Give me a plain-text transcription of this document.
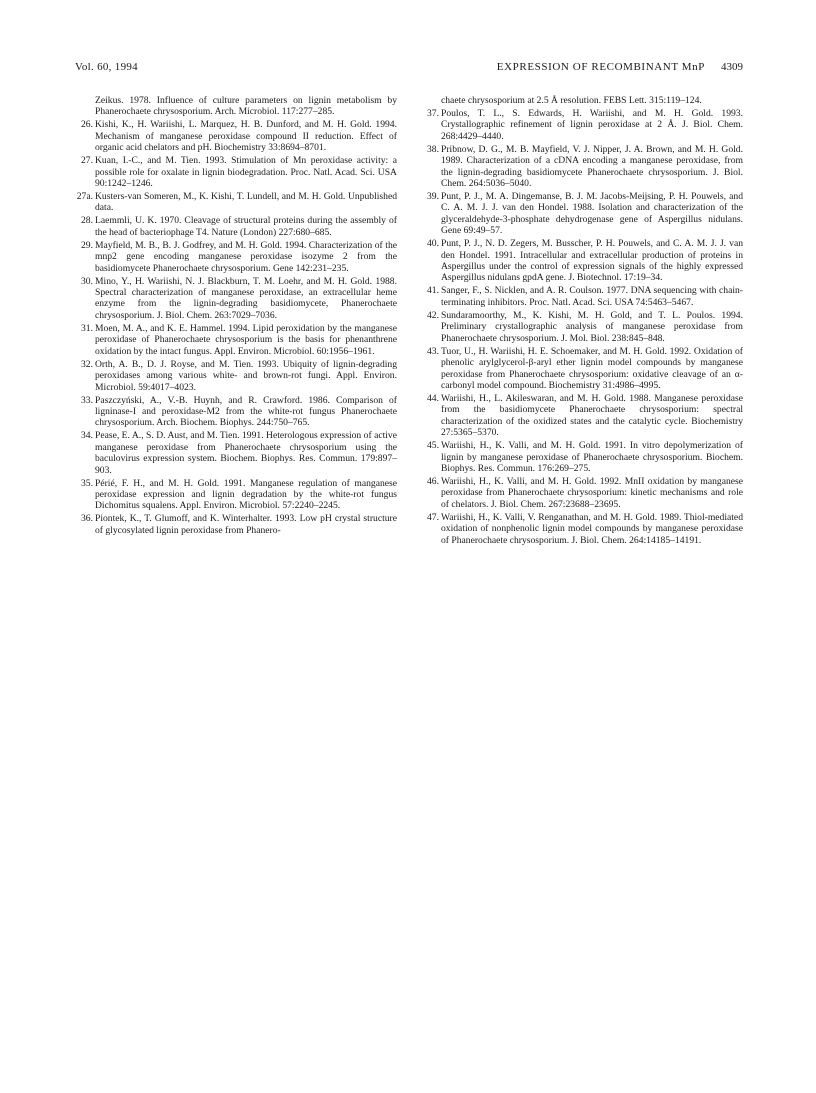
Vol. 60, 1994	EXPRESSION OF RECOMBINANT MnP 4309
Zeikus. 1978. Influence of culture parameters on lignin metabolism by Phanerochaete chrysosporium. Arch. Microbiol. 117:277–285.
26. Kishi, K., H. Wariishi, L. Marquez, H. B. Dunford, and M. H. Gold. 1994. Mechanism of manganese peroxidase compound II reduction. Effect of organic acid chelators and pH. Biochemistry 33:8694–8701.
27. Kuan, I.-C., and M. Tien. 1993. Stimulation of Mn peroxidase activity: a possible role for oxalate in lignin biodegradation. Proc. Natl. Acad. Sci. USA 90:1242–1246.
27a. Kusters-van Someren, M., K. Kishi, T. Lundell, and M. H. Gold. Unpublished data.
28. Laemmli, U. K. 1970. Cleavage of structural proteins during the assembly of the head of bacteriophage T4. Nature (London) 227:680–685.
29. Mayfield, M. B., B. J. Godfrey, and M. H. Gold. 1994. Characterization of the mnp2 gene encoding manganese peroxidase isozyme 2 from the basidiomycete Phanerochaete chrysosporium. Gene 142:231–235.
30. Mino, Y., H. Wariishi, N. J. Blackburn, T. M. Loehr, and M. H. Gold. 1988. Spectral characterization of manganese peroxidase, an extracellular heme enzyme from the lignin-degrading basidiomycete, Phanerochaete chrysosporium. J. Biol. Chem. 263:7029–7036.
31. Moen, M. A., and K. E. Hammel. 1994. Lipid peroxidation by the manganese peroxidase of Phanerochaete chrysosporium is the basis for phenanthrene oxidation by the intact fungus. Appl. Environ. Microbiol. 60:1956–1961.
32. Orth, A. B., D. J. Royse, and M. Tien. 1993. Ubiquity of lignin-degrading peroxidases among various white- and brown-rot fungi. Appl. Environ. Microbiol. 59:4017–4023.
33. Paszczyński, A., V.-B. Huynh, and R. Crawford. 1986. Comparison of ligninase-I and peroxidase-M2 from the white-rot fungus Phanerochaete chrysosporium. Arch. Biochem. Biophys. 244:750–765.
34. Pease, E. A., S. D. Aust, and M. Tien. 1991. Heterologous expression of active manganese peroxidase from Phanerochaete chrysosporium using the baculovirus expression system. Biochem. Biophys. Res. Commun. 179:897–903.
35. Périé, F. H., and M. H. Gold. 1991. Manganese regulation of manganese peroxidase expression and lignin degradation by the white-rot fungus Dichomitus squalens. Appl. Environ. Microbiol. 57:2240–2245.
36. Piontek, K., T. Glumoff, and K. Winterhalter. 1993. Low pH crystal structure of glycosylated lignin peroxidase from Phanero-
chaete chrysosporium at 2.5 Å resolution. FEBS Lett. 315:119–124.
37. Poulos, T. L., S. Edwards, H. Wariishi, and M. H. Gold. 1993. Crystallographic refinement of lignin peroxidase at 2 Å. J. Biol. Chem. 268:4429–4440.
38. Pribnow, D. G., M. B. Mayfield, V. J. Nipper, J. A. Brown, and M. H. Gold. 1989. Characterization of a cDNA encoding a manganese peroxidase, from the lignin-degrading basidiomycete Phanerochaete chrysosporium. J. Biol. Chem. 264:5036–5040.
39. Punt, P. J., M. A. Dingemanse, B. J. M. Jacobs-Meijsing, P. H. Pouwels, and C. A. M. J. J. van den Hondel. 1988. Isolation and characterization of the glyceraldehyde-3-phosphate dehydrogenase gene of Aspergillus nidulans. Gene 69:49–57.
40. Punt, P. J., N. D. Zegers, M. Busscher, P. H. Pouwels, and C. A. M. J. J. van den Hondel. 1991. Intracellular and extracellular production of proteins in Aspergillus under the control of expression signals of the highly expressed Aspergillus nidulans gpdA gene. J. Biotechnol. 17:19–34.
41. Sanger, F., S. Nicklen, and A. R. Coulson. 1977. DNA sequencing with chain-terminating inhibitors. Proc. Natl. Acad. Sci. USA 74:5463–5467.
42. Sundaramoorthy, M., K. Kishi, M. H. Gold, and T. L. Poulos. 1994. Preliminary crystallographic analysis of manganese peroxidase from Phanerochaete chrysosporium. J. Mol. Biol. 238:845–848.
43. Tuor, U., H. Wariishi, H. E. Schoemaker, and M. H. Gold. 1992. Oxidation of phenolic arylglycerol-β-aryl ether lignin model compounds by manganese peroxidase from Phanerochaete chrysosporium: oxidative cleavage of an α-carbonyl model compound. Biochemistry 31:4986–4995.
44. Wariishi, H., L. Akileswaran, and M. H. Gold. 1988. Manganese peroxidase from the basidiomycete Phanerochaete chrysosporium: spectral characterization of the oxidized states and the catalytic cycle. Biochemistry 27:5365–5370.
45. Wariishi, H., K. Valli, and M. H. Gold. 1991. In vitro depolymerization of lignin by manganese peroxidase of Phanerochaete chrysosporium. Biochem. Biophys. Res. Commun. 176:269–275.
46. Wariishi, H., K. Valli, and M. H. Gold. 1992. MnII oxidation by manganese peroxidase from Phanerochaete chrysosporium: kinetic mechanisms and role of chelators. J. Biol. Chem. 267:23688–23695.
47. Wariishi, H., K. Valli, V. Renganathan, and M. H. Gold. 1989. Thiol-mediated oxidation of nonphenolic lignin model compounds by manganese peroxidase of Phanerochaete chrysosporium. J. Biol. Chem. 264:14185–14191.
